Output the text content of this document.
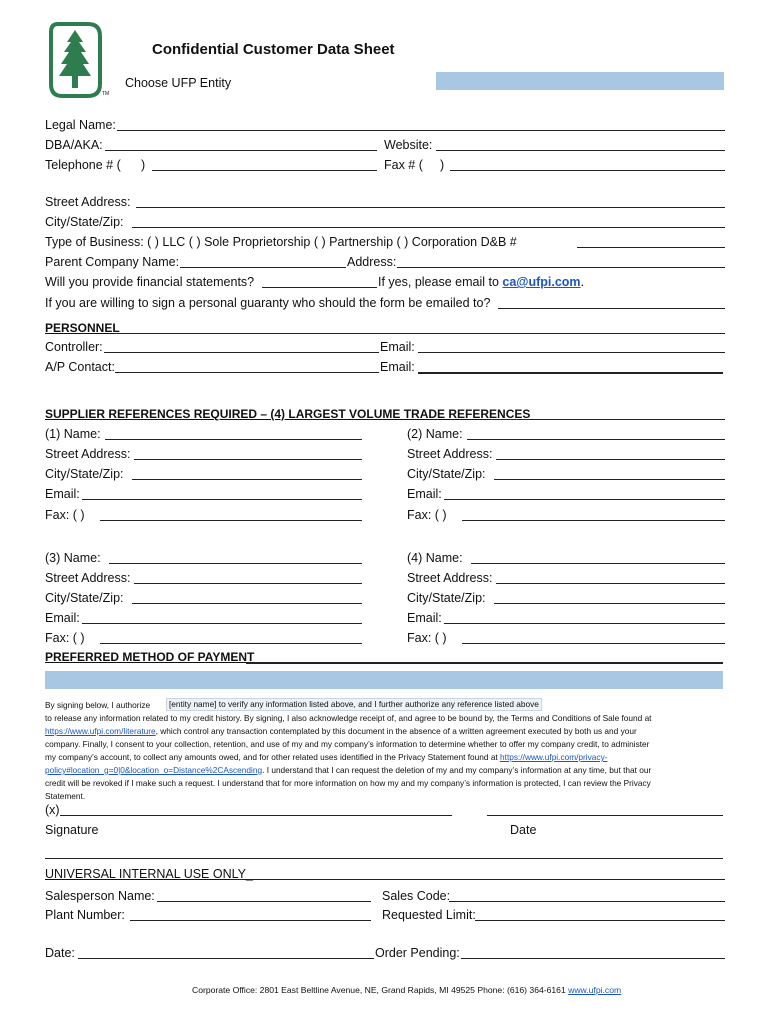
TM
Confidential Customer Data Sheet
Choose UFP Entity
Legal Name:
DBA/AKA:	Website:
Telephone # ( )	Fax # ( )
Street Address:
City/State/Zip:
Type of Business: ( ) LLC ( ) Sole Proprietorship ( ) Partnership ( ) Corporation D&B #
Parent Company Name:	Address:
Will you provide financial statements?	If yes, please email to ca@ufpi.com.
If you are willing to sign a personal guaranty who should the form be emailed to?
PERSONNEL
Controller:	Email:
A/P Contact:	Email:
SUPPLIER REFERENCES REQUIRED – (4) LARGEST VOLUME TRADE REFERENCES
(1) Name:
Street Address:
City/State/Zip:
Email:
Fax: ( )
(2) Name:
Street Address:
City/State/Zip:
Email:
Fax: ( )
(3) Name:
Street Address:
City/State/Zip:
Email:
Fax: ( )
(4) Name:
Street Address:
City/State/Zip:
Email:
Fax: ( )
PREFERRED METHOD OF PAYMENT
By signing below, I authorize	[entity name] to verify any information listed above, and I further authorize any reference listed above
to release any information related to my credit history. By signing, I also acknowledge receipt of, and agree to be bound by, the Terms and Conditions of Sale found at
https://www.ufpi.com/literature, which control any transaction contemplated by this document in the absence of a written agreement executed by both us and your
company. Finally, I consent to your collection, retention, and use of my and my company’s information to determine whether to offer my company credit, to administer
my company’s account, to collect any amounts owed, and for other related uses identified in the Privacy Statement found at https://www.ufpi.com/privacy-
policy#location_g=0|0&location_o=Distance%2CAscending. I understand that I can request the deletion of my and my company’s information at any time, but that our
credit will be revoked if I make such a request. I understand that for more information on how my and my company’s information is protected, I can review the Privacy
Statement.
(x)
Signature	Date
UNIVERSAL INTERNAL USE ONLY_
Salesperson Name:	Sales Code:
Plant Number:	Requested Limit:
Date:	Order Pending:
Corporate Office: 2801 East Beltline Avenue, NE, Grand Rapids, MI 49525 Phone: (616) 364-6161 www.ufpi.com
